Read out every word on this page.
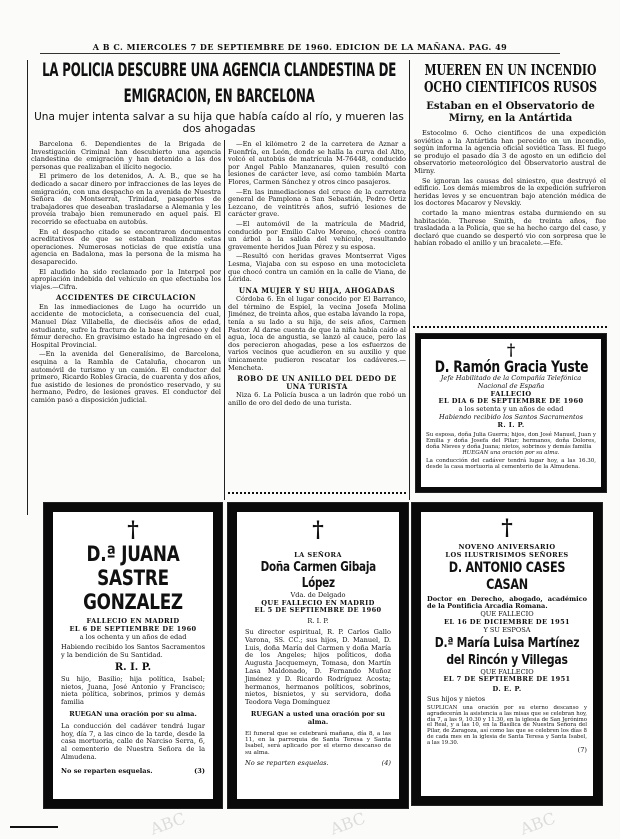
ABC	ABC	ABC
A B C. MIERCOLES 7 DE SEPTIEMBRE DE 1960. EDICION DE LA MAÑANA. PAG. 49
LA POLICIA DESCUBRE UNA AGENCIA CLANDESTINA DE EMIGRACION, EN BARCELONA
Una mujer intenta salvar a su hija que había caído al río, y mueren las dos ahogadas

Barcelona 6. Dependientes de la Brigada de Investigación Criminal han descubierto una agencia clandestina de emigración y han detenido a las dos personas que realizaban el ilícito negocio.

El primero de los detenidos, A. A. B., que se ha dedicado a sacar dinero por infracciones de las leyes de emigración, con una despacho en la avenida de Nuestra Señora de Montserrat, Trinidad, pasaportes de trabajadores que deseaban trasladarse a Alemania y les proveía trabajo bien remunerado en aquel país. El recorrido se efectuaba en autobús.

En el despacho citado se encontraron documentos acreditativos de que se estaban realizando estas operaciones. Numerosas noticias de que existía una agencia en Badalona, mas la persona de la misma ha desaparecido.

El aludido ha sido reclamado por la Interpol por apropiación indebida del vehículo en que efectuaba los viajes.—Cifra.

ACCIDENTES DE CIRCULACION

En las inmediaciones de Lugo ha ocurrido un accidente de motocicleta, a consecuencia del cual, Manuel Díaz Villabella, de dieciséis años de edad, estudiante, sufre la fractura de la base del cráneo y del fémur derecho. En gravísimo estado ha ingresado en el Hospital Provincial.

—En la avenida del Generalísimo, de Barcelona, esquina a la Rambla de Cataluña, chocaron un automóvil de turismo y un camión. El conductor del primero, Ricardo Robles Gracia, de cuarenta y dos años, fue asistido de lesiones de pronóstico reservado, y su hermano, Pedro, de lesiones graves. El conductor del camión pasó a disposición judicial.

—En el kilómetro 2 de la carretera de Aznar a Fuenfría, en León, donde se halla la curva del Alto, volcó el autobús de matrícula M-76448, conducido por Angel Pablo Manzanares, quien resultó con lesiones de carácter leve, así como también Marta Flores, Carmen Sánchez y otros cinco pasajeros.

—En las inmediaciones del cruce de la carretera general de Pamplona a San Sebastián, Pedro Ortiz Lezcano, de veintitrés años, sufrió lesiones de carácter grave.

—El automóvil de la matrícula de Madrid, conducido por Emilio Calvo Moreno, chocó contra un árbol a la salida del vehículo, resultando gravemente heridos Juan Pérez y su esposa.

—Resultó con heridas graves Montserrat Viges Lesma, Viajaba con su esposo en una motocicleta que chocó contra un camión en la calle de Viana, de Lérida.

UNA MUJER Y SU HIJA, AHOGADAS

Córdoba 6. En el lugar conocido por El Barranco, del término de Espiel, la vecina Josefa Molina Jiménez, de treinta años, que estaba lavando la ropa, tenía a su lado a su hija, de seis años, Carmen Pastor. Al darse cuenta de que la niña había caído al agua, loca de angustia, se lanzó al cauce, pero las dos perecieron ahogadas, pese a los esfuerzos de varios vecinos que acudieron en su auxilio y que únicamente pudieron rescatar los cadáveres.—Mencheta.

ROBO DE UN ANILLO DEL DEDO DE UNA TURISTA

Niza 6. La Policía busca a un ladrón que robó un anillo de oro del dedo de una turista.

MUEREN EN UN INCENDIO OCHO CIENTIFICOS RUSOS
Estaban en el Observatorio de Mirny, en la Antártida

Estocolmo 6. Ocho científicos de una expedición soviética a la Antártida han perecido en un incendio, según informa la agencia oficial soviética Tass. El fuego se produjo el pasado día 3 de agosto en un edificio del observatorio meteorológico del Observatorio austral de Mirny.

Se ignoran las causas del siniestro, que destruyó el edificio. Los demás miembros de la expedición sufrieron heridas leves y se encuentran bajo atención médica de los doctores Macarov y Nevskiy.

cortado la mano mientras estaba durmiendo en su habitación. Therese Smith, de treinta años, fue trasladada a la Policía, que se ha hecho cargo del caso, y declaró que cuando se despertó vio con sorpresa que le habían robado el anillo y un bracalete.—Efe.

†
D. Ramón Gracia Yuste
Jefe Habilitado de la Compañía Telefónica Nacional de España
FALLECIO
EL DIA 6 DE SEPTIEMBRE DE 1960
a los setenta y un años de edad
Habiendo recibido los Santos Sacramentos
R. I. P.
Su esposa, doña Julia Guerra; hijos, don José Manuel, Juan y Emilia y doña Josefa del Pilar; hermanos, doña Dolores, doña Nieves y doña Juana; nietos, sobrinos y demás familia
RUEGAN una oración por su alma.
La conducción del cadáver tendrá lugar hoy, a las 16.30, desde la casa mortuoria al cementerio de la Almudena.
†
D.ª JUANA SASTRE GONZALEZ
FALLECIO EN MADRID
EL 6 DE SEPTIEMBRE DE 1960
a los ochenta y un años de edad
Habiendo recibido los Santos Sacramentos y la bendición de Su Santidad.
R. I. P.
Su hijo, Basilio; hija política, Isabel; nietos, Juana, José Antonio y Francisco; nieta política, sobrinos, primos y demás familia
RUEGAN una oración por su alma.
La conducción del cadáver tendrá lugar hoy, día 7, a las cinco de la tarde, desde la casa mortuoria, calle de Narciso Serra, 6, al cementerio de Nuestra Señora de la Almudena.
No se reparten esquelas.	(3)
†
LA SEÑORA
Doña Carmen Gibaja López
Vda. de Delgado
QUE FALLECIO EN MADRID
EL 5 DE SEPTIEMBRE DE 1960
R. I. P.
Su director espiritual, R. P. Carlos Gallo Varona, SS. CC.; sus hijos, D. Manuel, D. Luis, doña María del Carmen y doña María de los Angeles; hijos políticos, doña Augusta Jacquemeyn, Tomasa, don Martín Lasa Maldonado, D. Fernando Muñoz Jiménez y D. Ricardo Rodríguez Acosta; hermanos, hermanos políticos, sobrinos, nietos, bisnietos, y su servidora, doña Teodora Vega Domínguez
RUEGAN a usted una oración por su alma.
El funeral que se celebrará mañana, día 8, a las 11, en la parroquia de Santa Teresa y Santa Isabel, será aplicado por el eterno descanso de su alma.
No se reparten esquelas.	(4)
†
NOVENO ANIVERSARIO
LOS ILUSTRISIMOS SEÑORES
D. ANTONIO CASES CASAN
Doctor en Derecho, abogado, académico de la Pontificia Arcadia Romana.
QUE FALLECIO
EL 16 DE DICIEMBRE DE 1951
Y SU ESPOSA
D.ª María Luisa Martínez del Rincón y Villegas
QUE FALLECIO
EL 7 DE SEPTIEMBRE DE 1951
D. E. P.
Sus hijos y nietos
SUPLICAN una oración por su eterno descanso y agradecerán la asistencia a las misas que se celebran hoy, día 7, a las 9, 10.30 y 11.30, en la iglesia de San Jerónimo el Real, y a las 10, en la Basílica de Nuestra Señora del Pilar, de Zaragoza, así como las que se celebren los días 8 de cada mes en la iglesia de Santa Teresa y Santa Isabel, a las 19.30.
(7)
